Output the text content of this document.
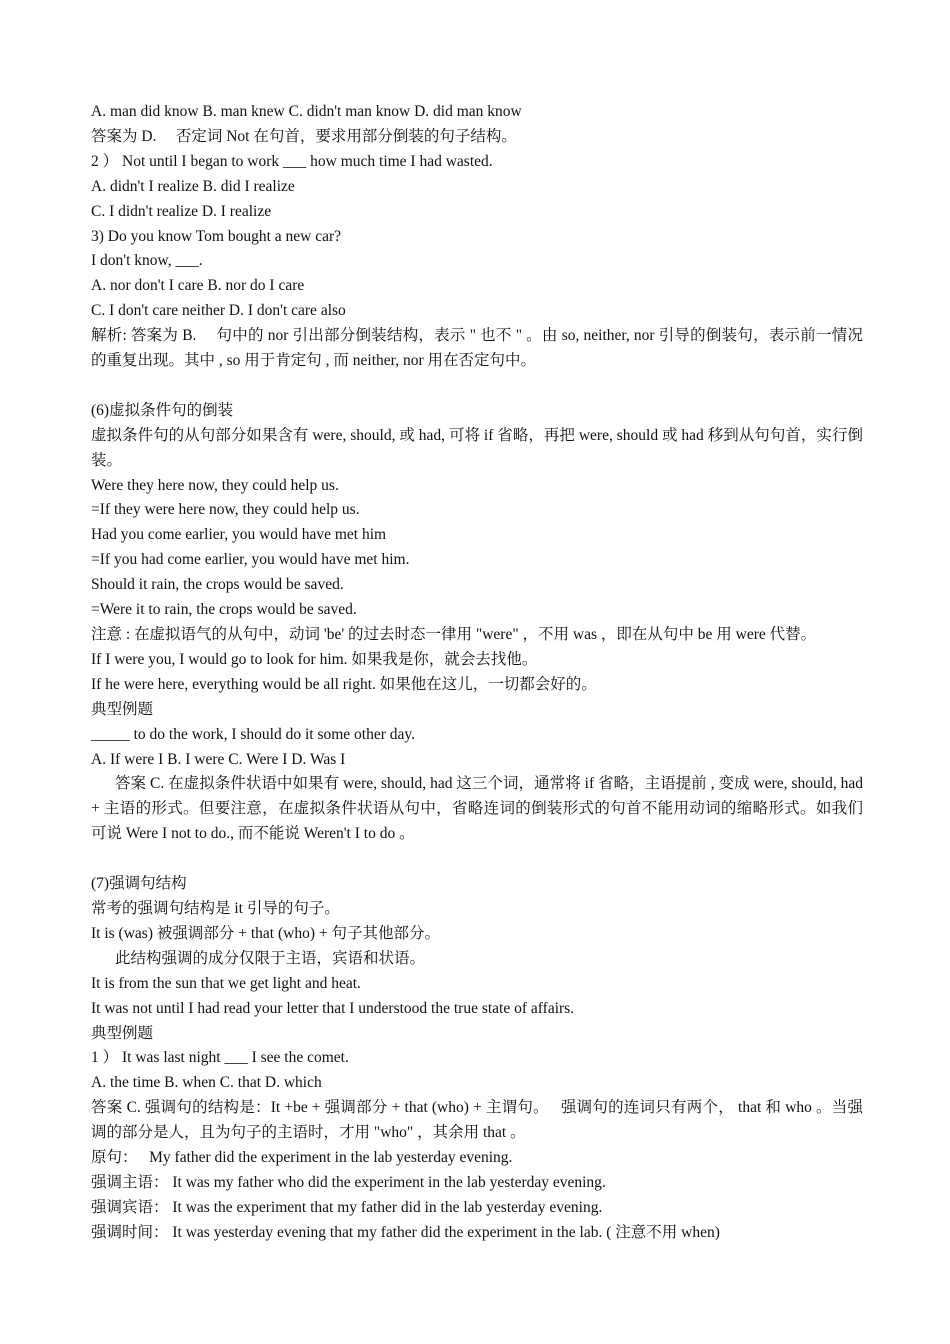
A. man did know B. man knew C. didn't man know D. did man know

答案为 D.　 否定词 Not 在句首，要求用部分倒装的句子结构。

2 ） Not until I began to work ___ how much time I had wasted.

A. didn't I realize B. did I realize

C. I didn't realize D. I realize

3) Do you know Tom bought a new car?

I don't know, ___.

A. nor don't I care B. nor do I care

C. I don't care neither D. I don't care also

解析: 答案为 B.　 句中的 nor 引出部分倒装结构，表示 " 也不 " 。由 so, neither, nor 引导的倒装句，表示前一情况的重复出现。其中 , so 用于肯定句 , 而 neither, nor 用在否定句中。

(6)虚拟条件句的倒装

虚拟条件句的从句部分如果含有 were, should, 或 had, 可将 if 省略，再把 were, should 或 had 移到从句句首，实行倒装。

Were they here now, they could help us.

=If they were here now, they could help us.

Had you come earlier, you would have met him

=If you had come earlier, you would have met him.

Should it rain, the crops would be saved.

=Were it to rain, the crops would be saved.

注意 : 在虚拟语气的从句中，动词 'be' 的过去时态一律用 "were" ，不用 was ，即在从句中 be 用 were 代替。

If I were you, I would go to look for him. 如果我是你，就会去找他。

If he were here, everything would be all right. 如果他在这儿，一切都会好的。

典型例题

_____ to do the work, I should do it some other day.

A. If were I B. I were C. Were I D. Was I

答案 C. 在虚拟条件状语中如果有 were, should, had 这三个词，通常将 if 省略，主语提前 , 变成 were, should, had + 主语的形式。但要注意，在虚拟条件状语从句中，省略连词的倒装形式的句首不能用动词的缩略形式。如我们可说 Were I not to do., 而不能说 Weren't I to do 。

(7)强调句结构

常考的强调句结构是 it 引导的句子。

It is (was) 被强调部分 + that (who) + 句子其他部分。

此结构强调的成分仅限于主语，宾语和状语。

It is from the sun that we get light and heat.

It was not until I had read your letter that I understood the true state of affairs.

典型例题

1 ） It was last night ___ I see the comet.

A. the time B. when C. that D. which

答案 C. 强调句的结构是：It +be + 强调部分 + that (who) + 主谓句。　 强调句的连词只有两个， that 和 who 。当强调的部分是人，且为句子的主语时，才用 "who" ，其余用 that 。

原句：　 My father did the experiment in the lab yesterday evening.

强调主语： It was my father who did the experiment in the lab yesterday evening.

强调宾语： It was the experiment that my father did in the lab yesterday evening.

强调时间： It was yesterday evening that my father did the experiment in the lab. ( 注意不用 when)
